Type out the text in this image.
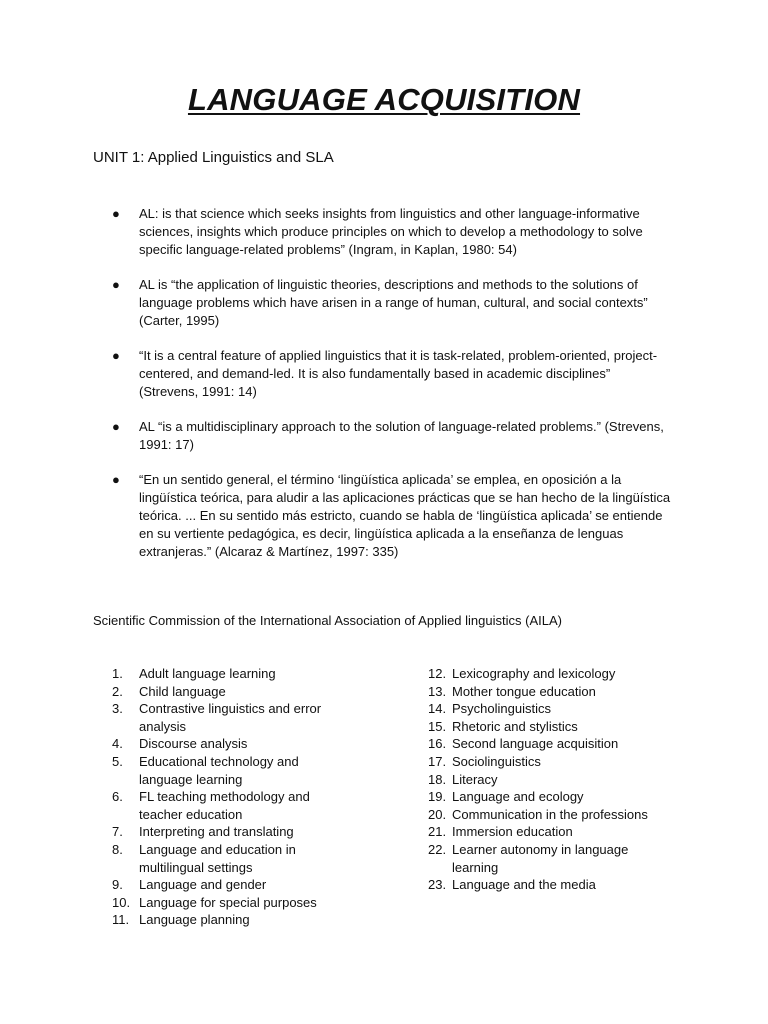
LANGUAGE ACQUISITION
UNIT 1: Applied Linguistics and SLA
● AL: is that science which seeks insights from linguistics and other language-informative sciences, insights which produce principles on which to develop a methodology to solve specific language-related problems” (Ingram, in Kaplan, 1980: 54)
● AL is “the application of linguistic theories, descriptions and methods to the solutions of language problems which have arisen in a range of human, cultural, and social contexts” (Carter, 1995)
● “It is a central feature of applied linguistics that it is task-related, problem-oriented, project-centered, and demand-led. It is also fundamentally based in academic disciplines” (Strevens, 1991: 14)
● AL “is a multidisciplinary approach to the solution of language-related problems.” (Strevens, 1991: 17)
● “En un sentido general, el término ‘lingüística aplicada’ se emplea, en oposición a la lingüística teórica, para aludir a las aplicaciones prácticas que se han hecho de la lingüística teórica. ... En su sentido más estricto, cuando se habla de ‘lingüística aplicada’ se entiende en su vertiente pedagógica, es decir, lingüística aplicada a la enseñanza de lenguas extranjeras.” (Alcaraz & Martínez, 1997: 335)

Scientific Commission of the International Association of Applied linguistics (AILA)

1. Adult language learning
2. Child language
3. Contrastive linguistics and error analysis
4. Discourse analysis
5. Educational technology and language learning
6. FL teaching methodology and teacher education
7. Interpreting and translating
8. Language and education in multilingual settings
9. Language and gender
10. Language for special purposes
11. Language planning
12. Lexicography and lexicology
13. Mother tongue education
14. Psycholinguistics
15. Rhetoric and stylistics
16. Second language acquisition
17. Sociolinguistics
18. Literacy
19. Language and ecology
20. Communication in the professions
21. Immersion education
22. Learner autonomy in language learning
23. Language and the media
